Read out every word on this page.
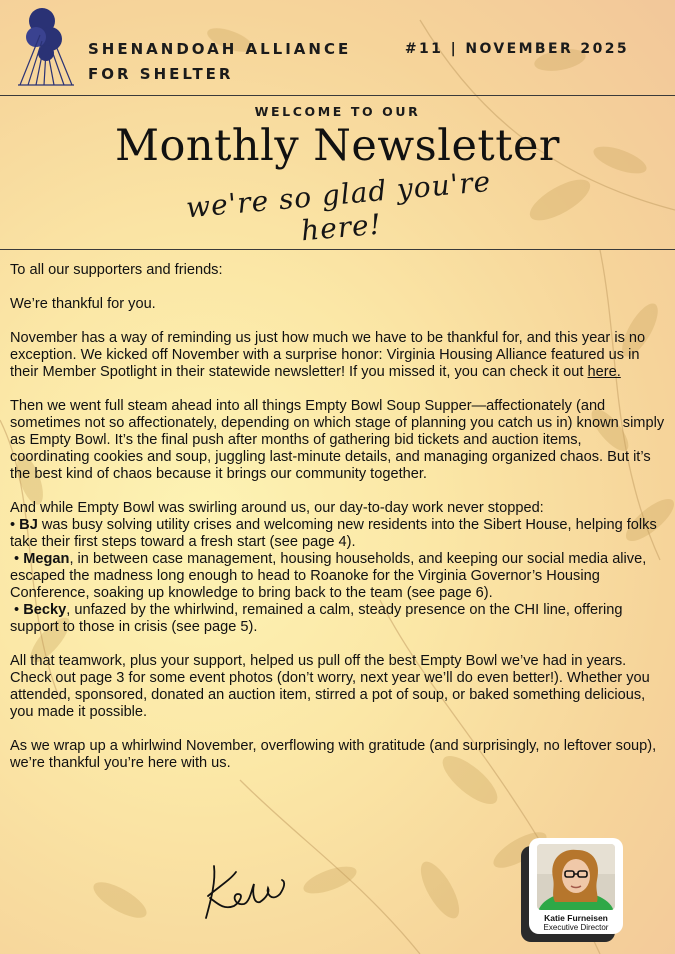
SHENANDOAH ALLIANCE
FOR SHELTER
#11 | NOVEMBER 2025
WELCOME TO OUR
Monthly Newsletter
we're so glad you're here!

To all our supporters and friends:

We’re thankful for you.

November has a way of reminding us just how much we have to be thankful for, and this year is no exception. We kicked off November with a surprise honor: Virginia Housing Alliance featured us in their Member Spotlight in their statewide newsletter! If you missed it, you can check it out here.

Then we went full steam ahead into all things Empty Bowl Soup Supper—affectionately (and sometimes not so affectionately, depending on which stage of planning you catch us in) known simply as Empty Bowl. It’s the final push after months of gathering bid tickets and auction items, coordinating cookies and soup, juggling last-minute details, and managing organized chaos. But it’s the best kind of chaos because it brings our community together.

And while Empty Bowl was swirling around us, our day-to-day work never stopped:
• BJ was busy solving utility crises and welcoming new residents into the Sibert House, helping folks take their first steps toward a fresh start (see page 4).
• Megan, in between case management, housing households, and keeping our social media alive, escaped the madness long enough to head to Roanoke for the Virginia Governor’s Housing Conference, soaking up knowledge to bring back to the team (see page 6).
• Becky, unfazed by the whirlwind, remained a calm, steady presence on the CHI line, offering support to those in crisis (see page 5).

All that teamwork, plus your support, helped us pull off the best Empty Bowl we’ve had in years. Check out page 3 for some event photos (don’t worry, next year we’ll do even better!). Whether you attended, sponsored, donated an auction item, stirred a pot of soup, or baked something delicious, you made it possible.

As we wrap up a whirlwind November, overflowing with gratitude (and surprisingly, no leftover soup), we’re thankful you’re here with us.

Katie Furneisen
Executive Director
